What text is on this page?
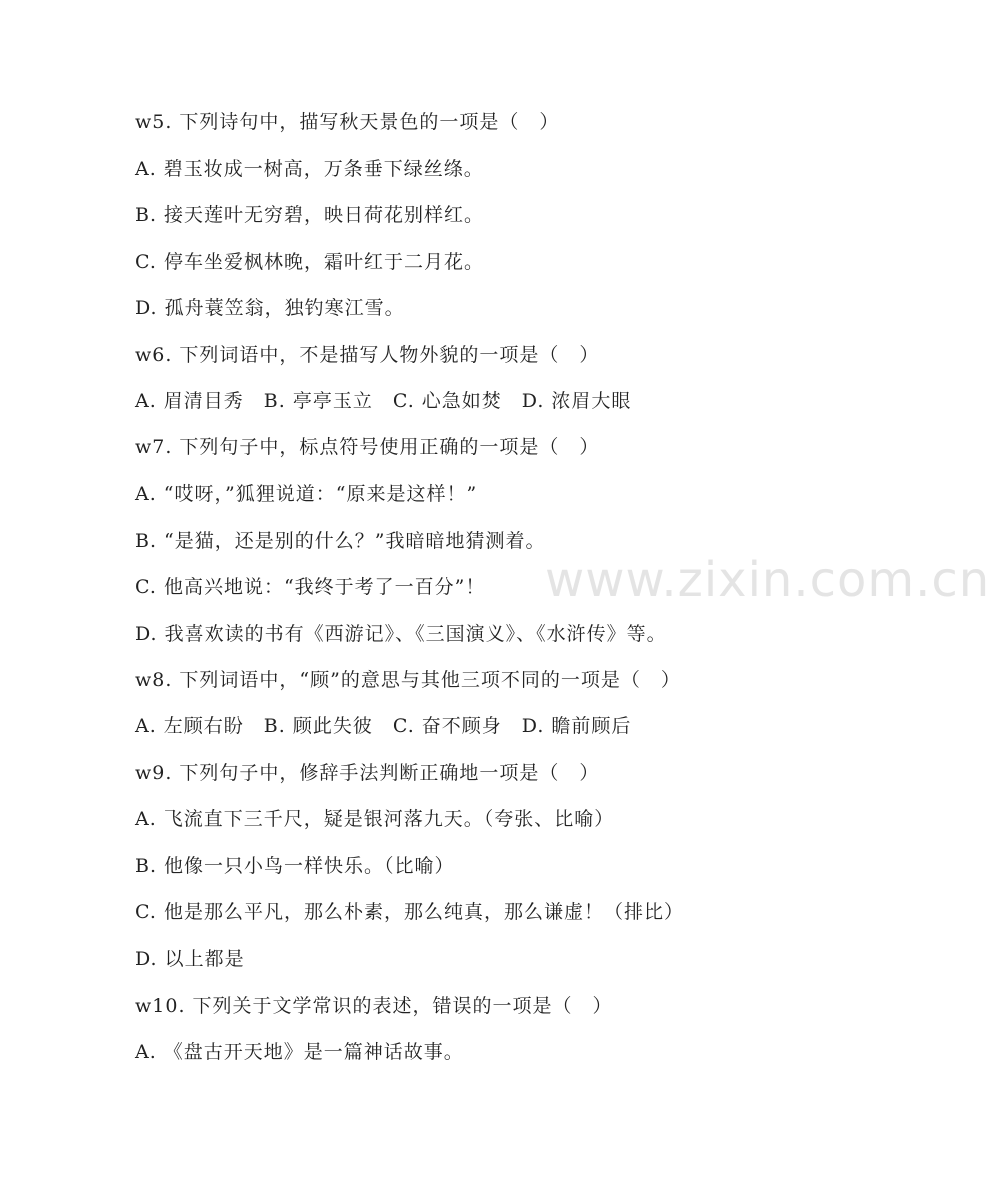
w5. 下列诗句中，描写秋天景色的一项是（　）
A. 碧玉妆成一树高，万条垂下绿丝绦。
B. 接天莲叶无穷碧，映日荷花别样红。
C. 停车坐爱枫林晚，霜叶红于二月花。
D. 孤舟蓑笠翁，独钓寒江雪。
w6. 下列词语中，不是描写人物外貌的一项是（　）
A. 眉清目秀　B. 亭亭玉立　C. 心急如焚　D. 浓眉大眼
w7. 下列句子中，标点符号使用正确的一项是（　）
A. “哎呀，”狐狸说道：“原来是这样！”
B. “是猫，还是别的什么？”我暗暗地猜测着。
C. 他高兴地说：“我终于考了一百分”！
D. 我喜欢读的书有《西游记》、《三国演义》、《水浒传》等。
w8. 下列词语中，“顾”的意思与其他三项不同的一项是（　）
A. 左顾右盼　B. 顾此失彼　C. 奋不顾身　D. 瞻前顾后
w9. 下列句子中，修辞手法判断正确地一项是（　）
A. 飞流直下三千尺，疑是银河落九天。（夸张、比喻）
B. 他像一只小鸟一样快乐。（比喻）
C. 他是那么平凡，那么朴素，那么纯真，那么谦虚！（排比）
D. 以上都是
w10. 下列关于文学常识的表述，错误的一项是（　）
A. 《盘古开天地》是一篇神话故事。
www.zixin.com.cn
